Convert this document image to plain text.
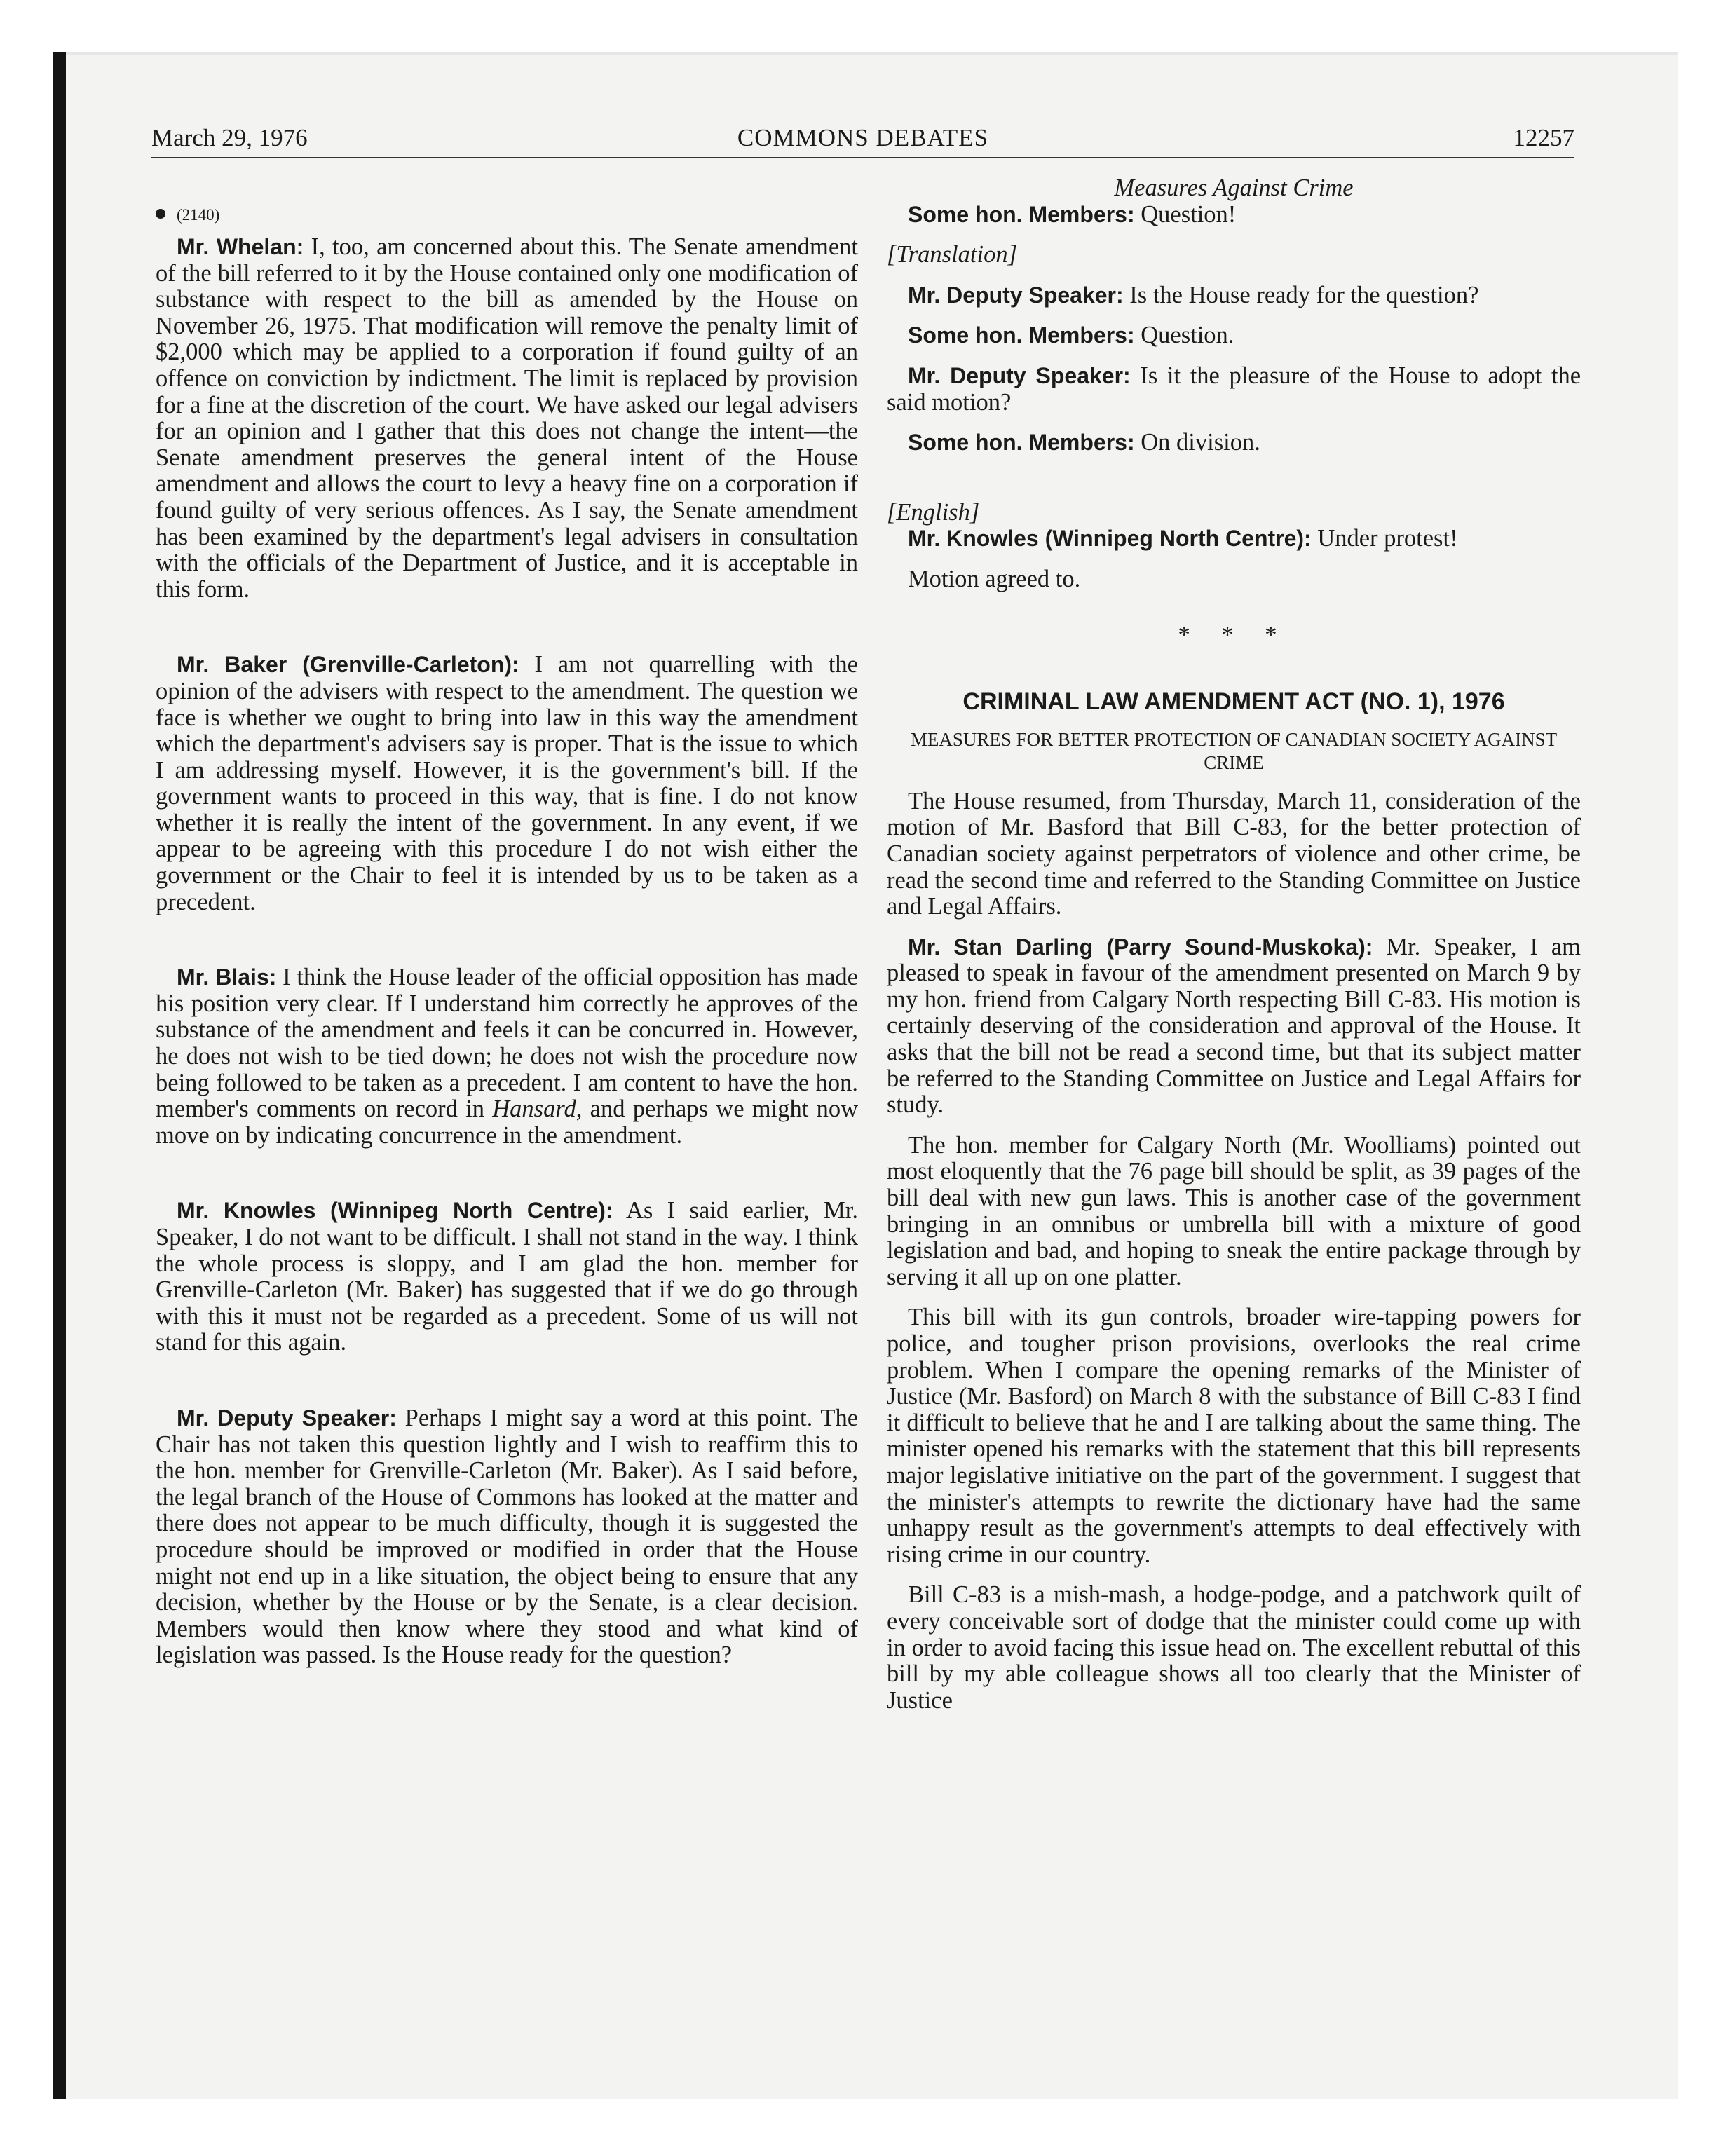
March 29, 1976	COMMONS DEBATES	12257

(2140)

Mr. Whelan: I, too, am concerned about this. The Senate amendment of the bill referred to it by the House contained only one modification of substance with respect to the bill as amended by the House on November 26, 1975. That modification will remove the penalty limit of $2,000 which may be applied to a corporation if found guilty of an offence on conviction by indictment. The limit is replaced by provision for a fine at the discretion of the court. We have asked our legal advisers for an opinion and I gather that this does not change the intent—the Senate amendment preserves the general intent of the House amendment and allows the court to levy a heavy fine on a corporation if found guilty of very serious offences. As I say, the Senate amendment has been examined by the department's legal advisers in consultation with the officials of the Department of Justice, and it is acceptable in this form.

Mr. Baker (Grenville-Carleton): I am not quarrelling with the opinion of the advisers with respect to the amendment. The question we face is whether we ought to bring into law in this way the amendment which the department's advisers say is proper. That is the issue to which I am addressing myself. However, it is the government's bill. If the government wants to proceed in this way, that is fine. I do not know whether it is really the intent of the government. In any event, if we appear to be agreeing with this procedure I do not wish either the government or the Chair to feel it is intended by us to be taken as a precedent.

Mr. Blais: I think the House leader of the official opposition has made his position very clear. If I understand him correctly he approves of the substance of the amendment and feels it can be concurred in. However, he does not wish to be tied down; he does not wish the procedure now being followed to be taken as a precedent. I am content to have the hon. member's comments on record in Hansard, and perhaps we might now move on by indicating concurrence in the amendment.

Mr. Knowles (Winnipeg North Centre): As I said earlier, Mr. Speaker, I do not want to be difficult. I shall not stand in the way. I think the whole process is sloppy, and I am glad the hon. member for Grenville-Carleton (Mr. Baker) has suggested that if we do go through with this it must not be regarded as a precedent. Some of us will not stand for this again.

Mr. Deputy Speaker: Perhaps I might say a word at this point. The Chair has not taken this question lightly and I wish to reaffirm this to the hon. member for Grenville-Carleton (Mr. Baker). As I said before, the legal branch of the House of Commons has looked at the matter and there does not appear to be much difficulty, though it is suggested the procedure should be improved or modified in order that the House might not end up in a like situation, the object being to ensure that any decision, whether by the House or by the Senate, is a clear decision. Members would then know where they stood and what kind of legislation was passed. Is the House ready for the question?

Measures Against Crime

Some hon. Members: Question!

[Translation]

Mr. Deputy Speaker: Is the House ready for the question?

Some hon. Members: Question.

Mr. Deputy Speaker: Is it the pleasure of the House to adopt the said motion?

Some hon. Members: On division.

[English]

Mr. Knowles (Winnipeg North Centre): Under protest!

Motion agreed to.

* * *

CRIMINAL LAW AMENDMENT ACT (NO. 1), 1976

MEASURES FOR BETTER PROTECTION OF CANADIAN SOCIETY AGAINST CRIME

The House resumed, from Thursday, March 11, consideration of the motion of Mr. Basford that Bill C-83, for the better protection of Canadian society against perpetrators of violence and other crime, be read the second time and referred to the Standing Committee on Justice and Legal Affairs.

Mr. Stan Darling (Parry Sound-Muskoka): Mr. Speaker, I am pleased to speak in favour of the amendment presented on March 9 by my hon. friend from Calgary North respecting Bill C-83. His motion is certainly deserving of the consideration and approval of the House. It asks that the bill not be read a second time, but that its subject matter be referred to the Standing Committee on Justice and Legal Affairs for study.

The hon. member for Calgary North (Mr. Woolliams) pointed out most eloquently that the 76 page bill should be split, as 39 pages of the bill deal with new gun laws. This is another case of the government bringing in an omnibus or umbrella bill with a mixture of good legislation and bad, and hoping to sneak the entire package through by serving it all up on one platter.

This bill with its gun controls, broader wire-tapping powers for police, and tougher prison provisions, overlooks the real crime problem. When I compare the opening remarks of the Minister of Justice (Mr. Basford) on March 8 with the substance of Bill C-83 I find it difficult to believe that he and I are talking about the same thing. The minister opened his remarks with the statement that this bill represents major legislative initiative on the part of the government. I suggest that the minister's attempts to rewrite the dictionary have had the same unhappy result as the government's attempts to deal effectively with rising crime in our country.

Bill C-83 is a mish-mash, a hodge-podge, and a patchwork quilt of every conceivable sort of dodge that the minister could come up with in order to avoid facing this issue head on. The excellent rebuttal of this bill by my able colleague shows all too clearly that the Minister of Justice
